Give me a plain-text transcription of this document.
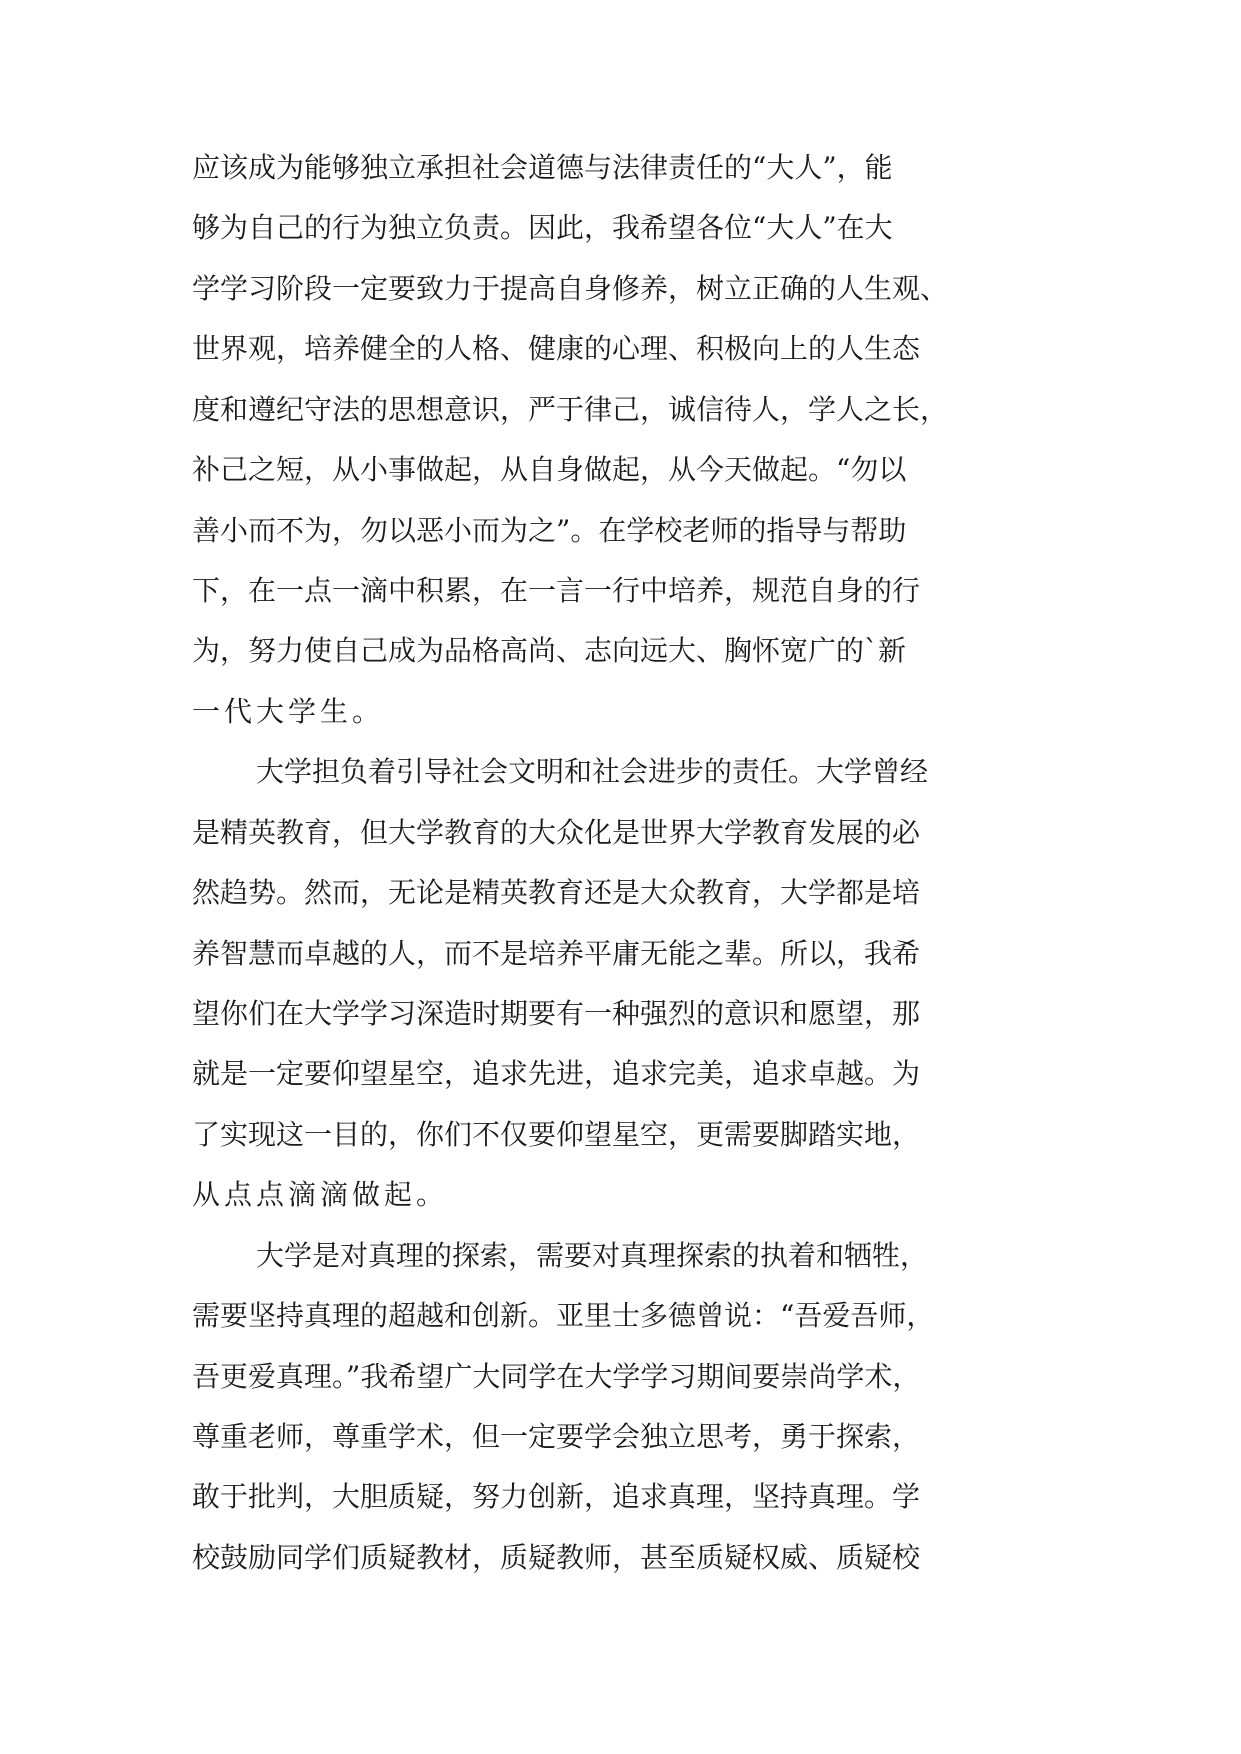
应该成为能够独立承担社会道德与法律责任的“大人”，能
够为自己的行为独立负责。因此，我希望各位“大人”在大
学学习阶段一定要致力于提高自身修养，树立正确的人生观、
世界观，培养健全的人格、健康的心理、积极向上的人生态
度和遵纪守法的思想意识，严于律己，诚信待人，学人之长，
补己之短，从小事做起，从自身做起，从今天做起。“勿以
善小而不为，勿以恶小而为之”。在学校老师的指导与帮助
下，在一点一滴中积累，在一言一行中培养，规范自身的行
为，努力使自己成为品格高尚、志向远大、胸怀宽广的`新
一代大学生。
大学担负着引导社会文明和社会进步的责任。大学曾经
是精英教育，但大学教育的大众化是世界大学教育发展的必
然趋势。然而，无论是精英教育还是大众教育，大学都是培
养智慧而卓越的人，而不是培养平庸无能之辈。所以，我希
望你们在大学学习深造时期要有一种强烈的意识和愿望，那
就是一定要仰望星空，追求先进，追求完美，追求卓越。为
了实现这一目的，你们不仅要仰望星空，更需要脚踏实地，
从点点滴滴做起。
大学是对真理的探索，需要对真理探索的执着和牺牲，
需要坚持真理的超越和创新。亚里士多德曾说：“吾爱吾师，
吾更爱真理。”我希望广大同学在大学学习期间要崇尚学术，
尊重老师，尊重学术，但一定要学会独立思考，勇于探索，
敢于批判，大胆质疑，努力创新，追求真理，坚持真理。学
校鼓励同学们质疑教材，质疑教师，甚至质疑权威、质疑校
